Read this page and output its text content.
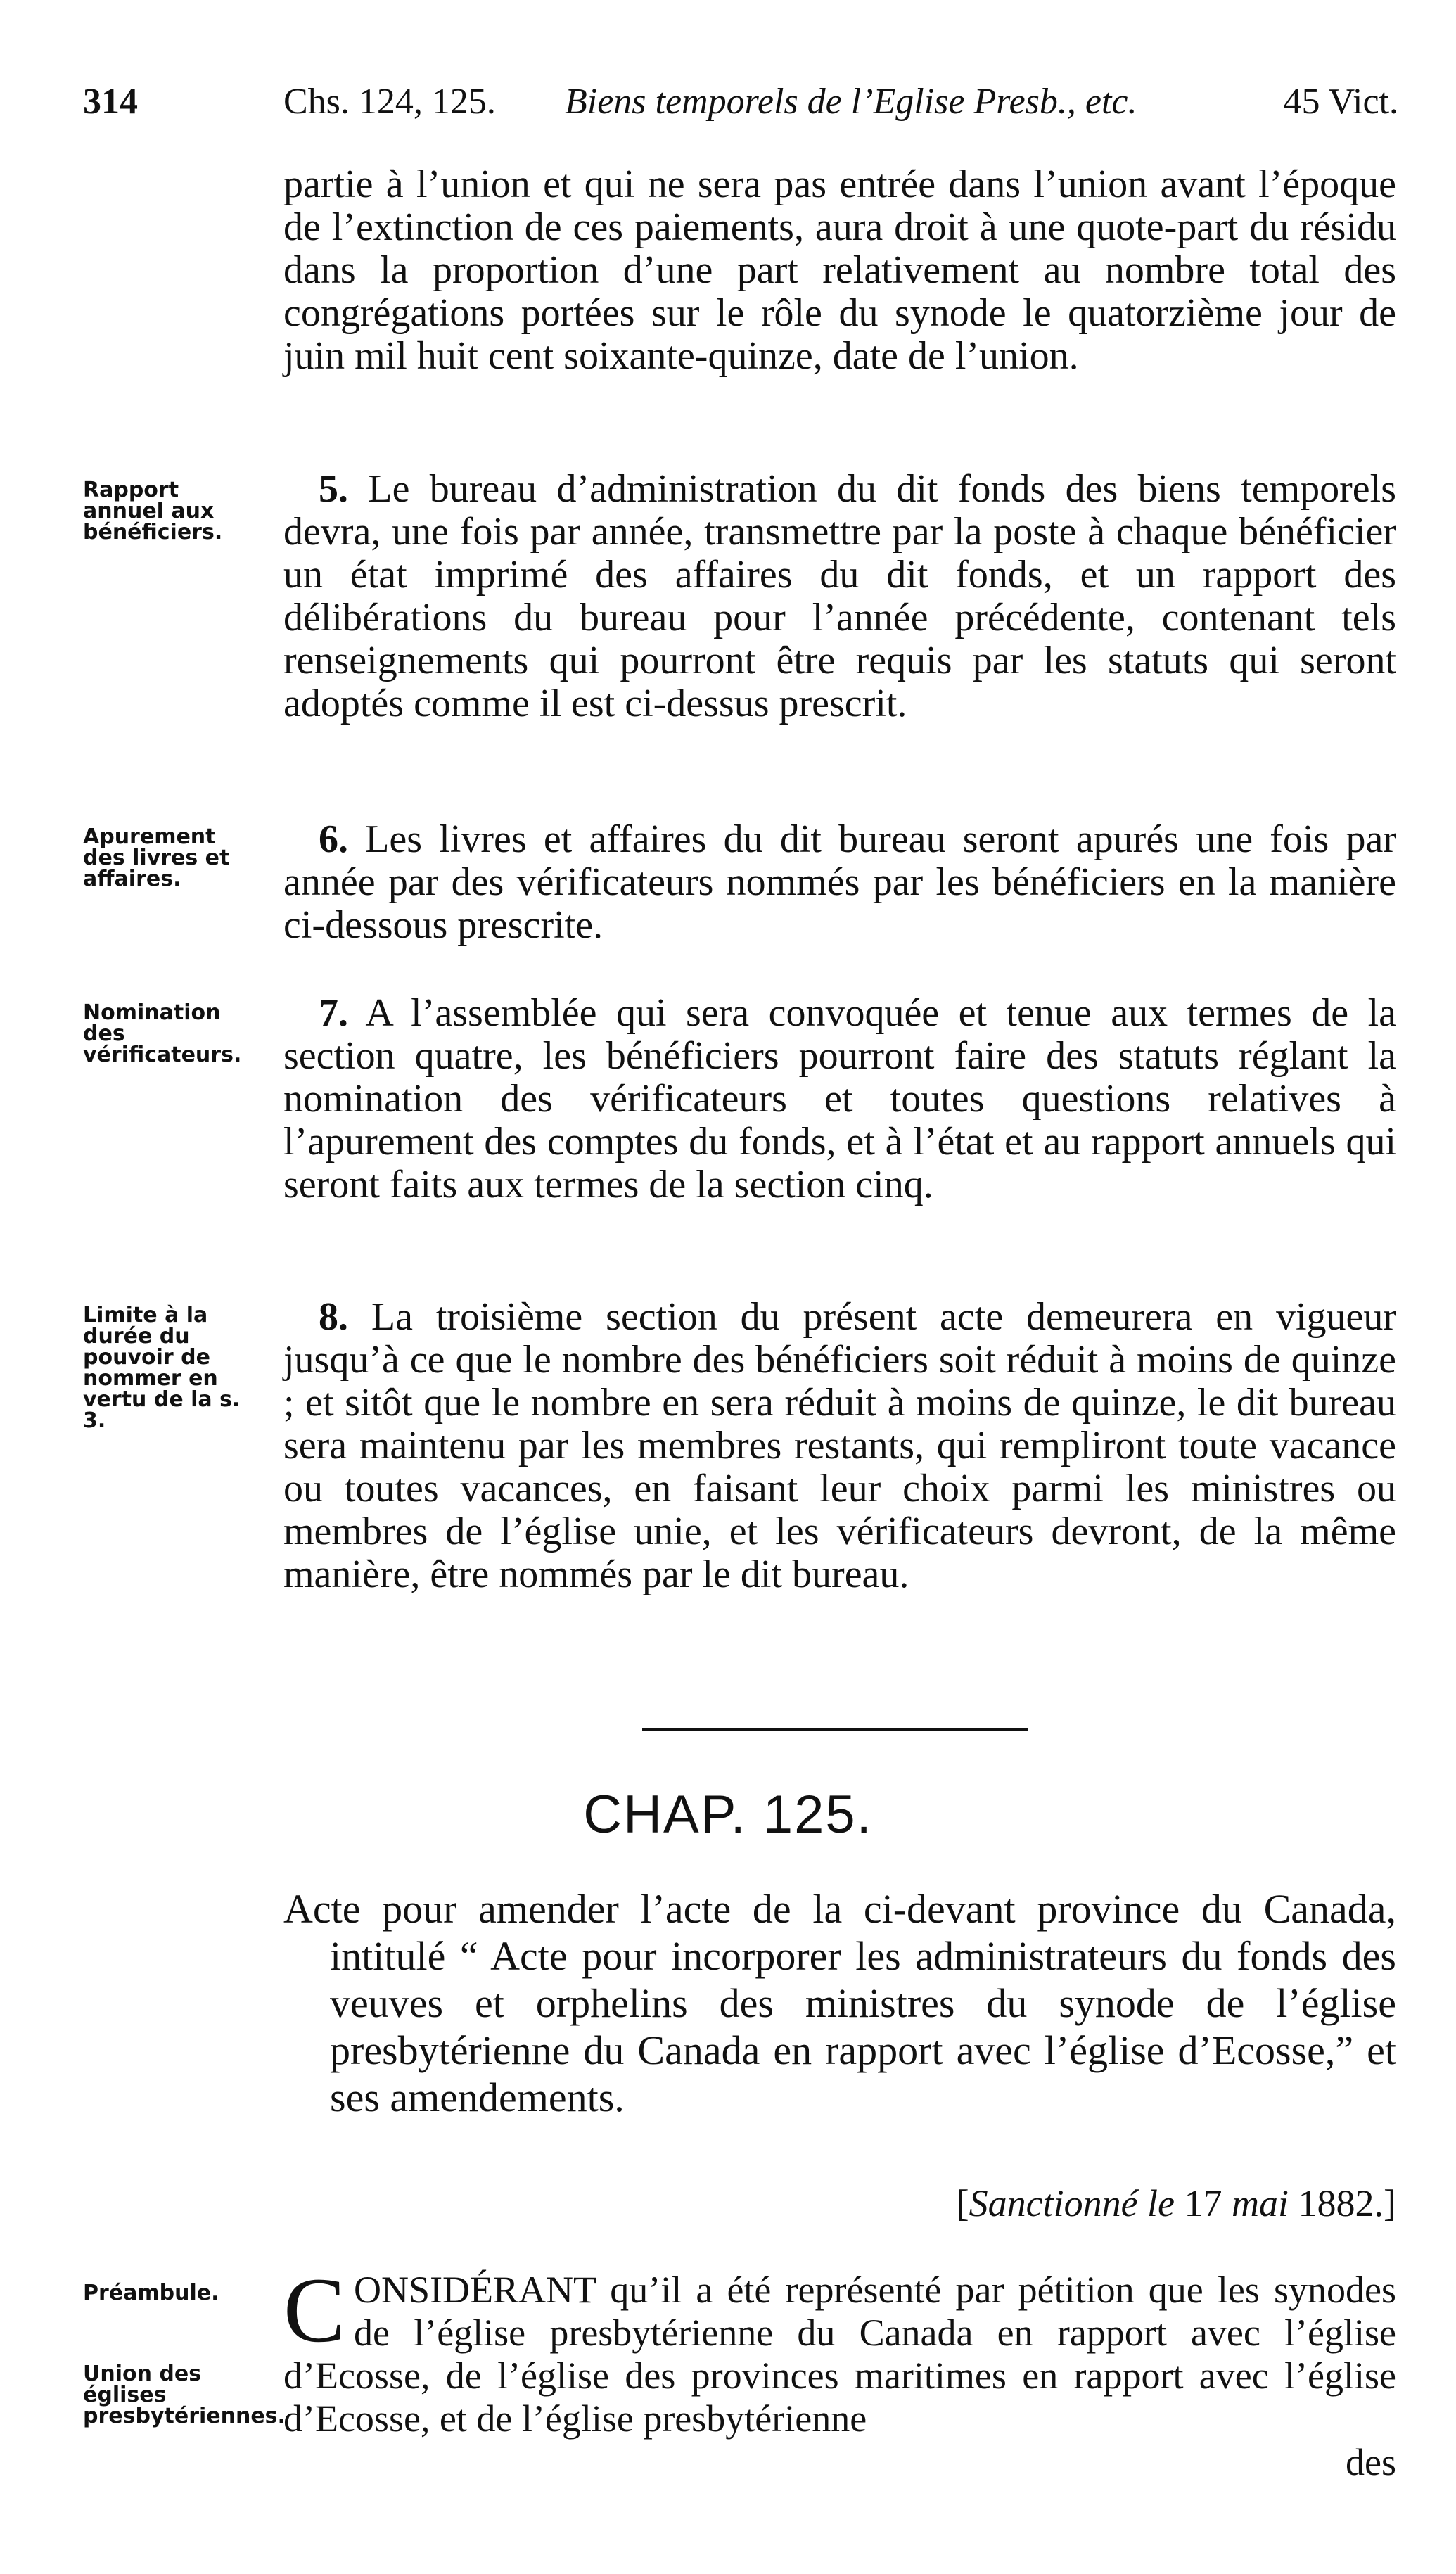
314	Chs. 124, 125. Biens temporels de l’Eglise Presb., etc.	45 Vict.
partie à l’union et qui ne sera pas entrée dans l’union avant l’époque de l’extinction de ces paiements, aura droit à une quote-part du résidu dans la proportion d’une part relativement au nombre total des congrégations portées sur le rôle du synode le quatorzième jour de juin mil huit cent soixante-quinze, date de l’union.
Rapport annuel aux bénéficiers.
5. Le bureau d’administration du dit fonds des biens temporels devra, une fois par année, transmettre par la poste à chaque bénéficier un état imprimé des affaires du dit fonds, et un rapport des délibérations du bureau pour l’année précédente, contenant tels renseignements qui pourront être requis par les statuts qui seront adoptés comme il est ci-dessus prescrit.
Apurement des livres et affaires.
6. Les livres et affaires du dit bureau seront apurés une fois par année par des vérificateurs nommés par les bénéficiers en la manière ci-dessous prescrite.
Nomination des vérificateurs.
7. A l’assemblée qui sera convoquée et tenue aux termes de la section quatre, les bénéficiers pourront faire des statuts réglant la nomination des vérificateurs et toutes questions relatives à l’apurement des comptes du fonds, et à l’état et au rapport annuels qui seront faits aux termes de la section cinq.
Limite à la durée du pouvoir de nommer en vertu de la s. 3.
8. La troisième section du présent acte demeurera en vigueur jusqu’à ce que le nombre des bénéficiers soit réduit à moins de quinze ; et sitôt que le nombre en sera réduit à moins de quinze, le dit bureau sera maintenu par les membres restants, qui rempliront toute vacance ou toutes vacances, en faisant leur choix parmi les ministres ou membres de l’église unie, et les vérificateurs devront, de la même manière, être nommés par le dit bureau.
CHAP. 125.
Acte pour amender l’acte de la ci-devant province du Canada, intitulé “ Acte pour incorporer les administrateurs du fonds des veuves et orphelins des ministres du synode de l’église presbytérienne du Canada en rapport avec l’église d’Ecosse,” et ses amendements.
[Sanctionné le 17 mai 1882.]
Préambule.
Union des églises presbytériennes.
CONSIDÉRANT qu’il a été représenté par pétition que les synodes de l’église presbytérienne du Canada en rapport avec l’église d’Ecosse, de l’église des provinces maritimes en rapport avec l’église d’Ecosse, et de l’église presbytérienne
des
